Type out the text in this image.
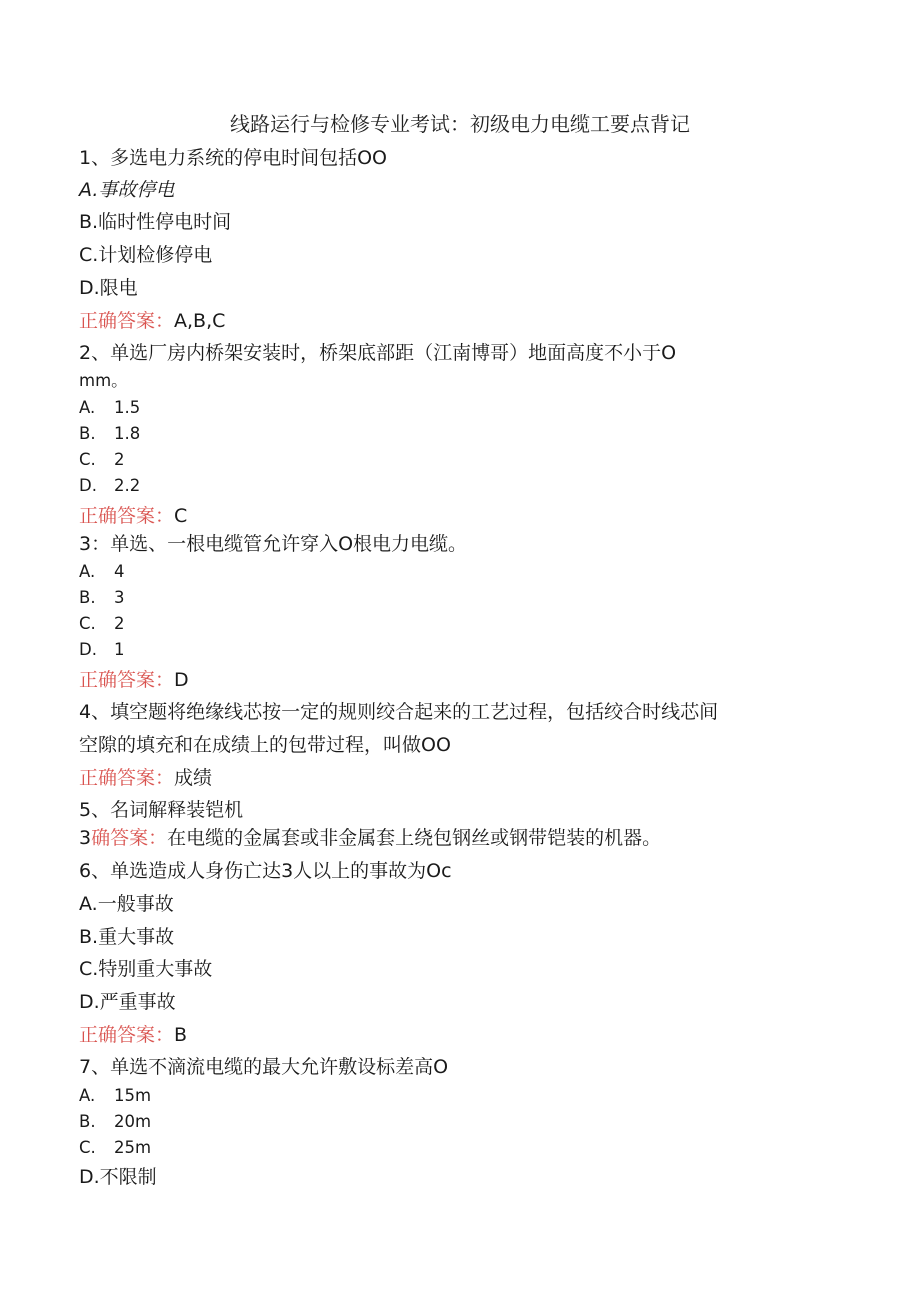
线路运行与检修专业考试：初级电力电缆工要点背记
1、多选电力系统的停电时间包括OO
A.事故停电
B.临时性停电时间
C.计划检修停电
D.限电
正确答案：A,B,C
2、单选厂房内桥架安装时，桥架底部距（江南博哥）地面高度不小于O
mm。
A. 1.5
B. 1.8
C. 2
D. 2.2
正确答案：C
3：单选、一根电缆管允许穿入O根电力电缆。
A. 4
B. 3
C. 2
D. 1
正确答案：D
4、填空题将绝缘线芯按一定的规则绞合起来的工艺过程，包括绞合时线芯间
空隙的填充和在成绩上的包带过程，叫做OO
正确答案：成绩
5、名词解释装铠机
3确答案：在电缆的金属套或非金属套上绕包钢丝或钢带铠装的机器。
6、单选造成人身伤亡达3人以上的事故为Oc
A.一般事故
B.重大事故
C.特别重大事故
D.严重事故
正确答案：B
7、单选不滴流电缆的最大允许敷设标差高O
A. 15m
B. 20m
C. 25m
D.不限制
